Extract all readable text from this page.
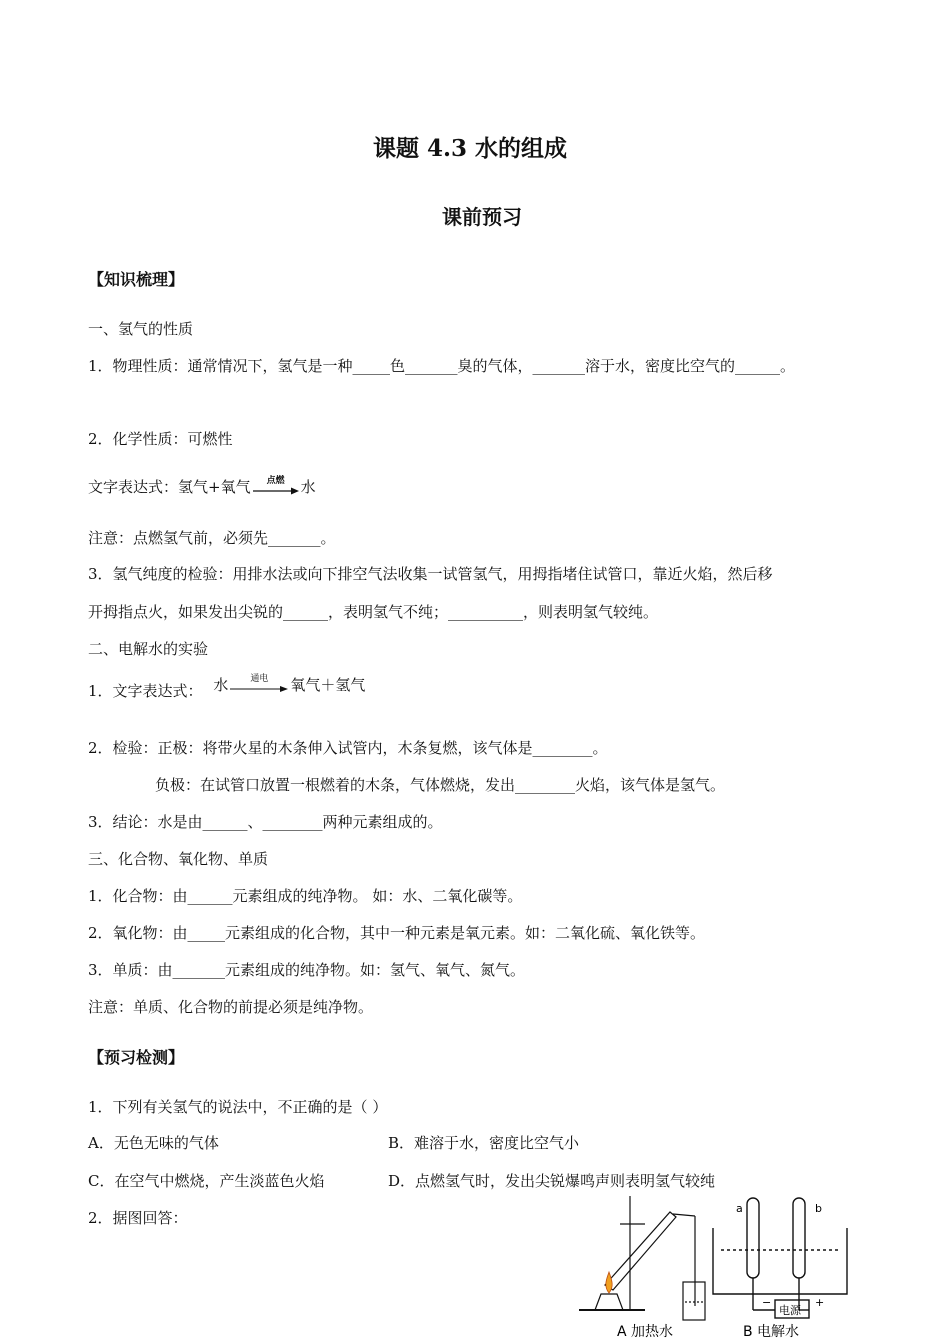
课题 4.3 水的组成
课前预习
【知识梳理】
一、氢气的性质
1．物理性质：通常情况下，氢气是一种_____色_______臭的气体，_______溶于水，密度比空气的______。
2．化学性质：可燃性
文字表达式：氢气+氧气	点燃	水
注意：点燃氢气前，必须先_______。
3．氢气纯度的检验：用排水法或向下排空气法收集一试管氢气，用拇指堵住试管口，靠近火焰，然后移
开拇指点火，如果发出尖锐的______，表明氢气不纯；__________，则表明氢气较纯。
二、电解水的实验
1．文字表达式： 水	通电	氧气＋氢气
2．检验：正极：将带火星的木条伸入试管内，木条复燃，该气体是________。
负极：在试管口放置一根燃着的木条，气体燃烧，发出________火焰，该气体是氢气。
3．结论：水是由______、________两种元素组成的。
三、化合物、氧化物、单质
1．化合物：由______元素组成的纯净物。 如：水、二氧化碳等。
2．氧化物：由_____元素组成的化合物，其中一种元素是氧元素。如：二氧化硫、氧化铁等。
3．单质：由_______元素组成的纯净物。如：氢气、氧气、氮气。
注意：单质、化合物的前提必须是纯净物。
【预习检测】
1．下列有关氢气的说法中，不正确的是（ ）
A．无色无味的气体	B．难溶于水，密度比空气小
C．在空气中燃烧，产生淡蓝色火焰	D．点燃氢气时，发出尖锐爆鸣声则表明氢气较纯
2．据图回答：
a	b
电源
−	+
A 加热水	B 电解水
